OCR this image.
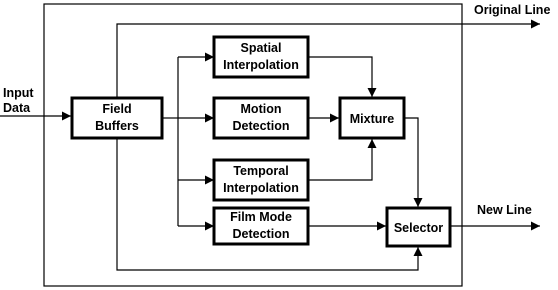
Field
Buffers
Spatial
Interpolation
Motion
Detection
Temporal
Interpolation
Film Mode
Detection
Mixture
Selector
Input
Data
Original Line
New Line
